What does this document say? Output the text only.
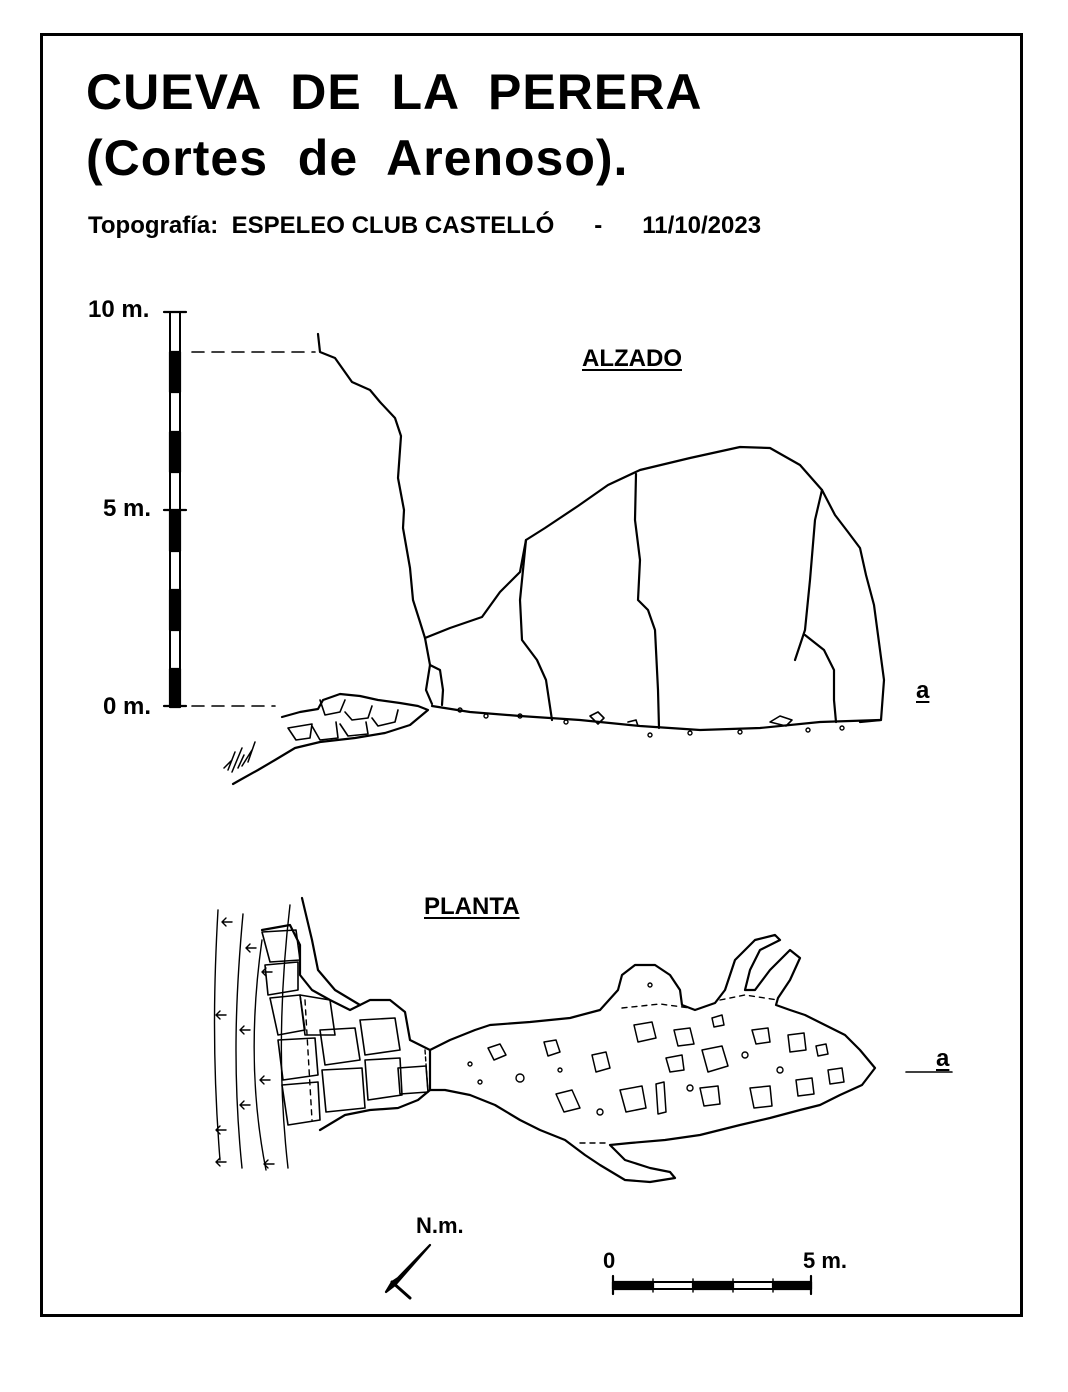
CUEVA  DE  LA  PERERA
(Cortes  de  Arenoso).
Topografía: ESPELEO CLUB CASTELLÓ - 11/10/2023
10 m.
5 m.
0 m.
ALZADO
a
PLANTA
a
N.m.
0	5 m.
